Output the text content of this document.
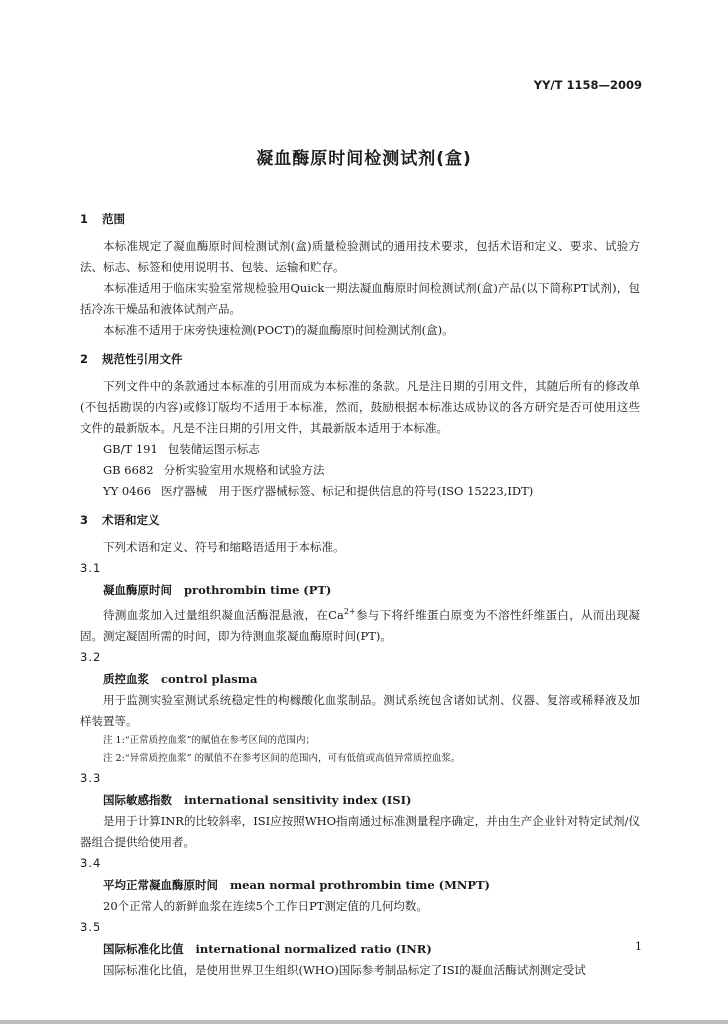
YY/T 1158—2009
凝血酶原时间检测试剂(盒)
1 范围

本标准规定了凝血酶原时间检测试剂(盒)质量检验测试的通用技术要求，包括术语和定义、要求、试验方法、标志、标签和使用说明书、包装、运输和贮存。

本标准适用于临床实验室常规检验用Quick一期法凝血酶原时间检测试剂(盒)产品(以下简称PT试剂)，包括冷冻干燥品和液体试剂产品。

本标准不适用于床旁快速检测(POCT)的凝血酶原时间检测试剂(盒)。

2 规范性引用文件

下列文件中的条款通过本标准的引用而成为本标准的条款。凡是注日期的引用文件，其随后所有的修改单(不包括勘误的内容)或修订版均不适用于本标准，然而，鼓励根据本标准达成协议的各方研究是否可使用这些文件的最新版本。凡是不注日期的引用文件，其最新版本适用于本标准。

GB/T 191 包装储运图示标志

GB 6682 分析实验室用水规格和试验方法

YY 0466 医疗器械　用于医疗器械标签、标记和提供信息的符号(ISO 15223,IDT)

3 术语和定义

下列术语和定义、符号和缩略语适用于本标准。

3.1
凝血酶原时间 prothrombin time (PT)

待测血浆加入过量组织凝血活酶混悬液，在$Ca^{2+}$参与下将纤维蛋白原变为不溶性纤维蛋白，从而出现凝固。测定凝固所需的时间，即为待测血浆凝血酶原时间(PT)。

3.2
质控血浆 control plasma

用于监测实验室测试系统稳定性的枸橼酸化血浆制品。测试系统包含诸如试剂、仪器、复溶或稀释液及加样装置等。

注 1:“正常质控血浆”的赋值在参考区间的范围内；

注 2:“异常质控血浆” 的赋值不在参考区间的范围内，可有低值或高值异常质控血浆。

3.3
国际敏感指数 international sensitivity index (ISI)

是用于计算INR的比较斜率，ISI应按照WHO指南通过标准测量程序确定，并由生产企业针对特定试剂/仪器组合提供给使用者。

3.4
平均正常凝血酶原时间 mean normal prothrombin time (MNPT)

20个正常人的新鲜血浆在连续5个工作日PT测定值的几何均数。

3.5
国际标准化比值 international normalized ratio (INR)

国际标准化比值，是使用世界卫生组织(WHO)国际参考制品标定了ISI的凝血活酶试剂测定受试

1
